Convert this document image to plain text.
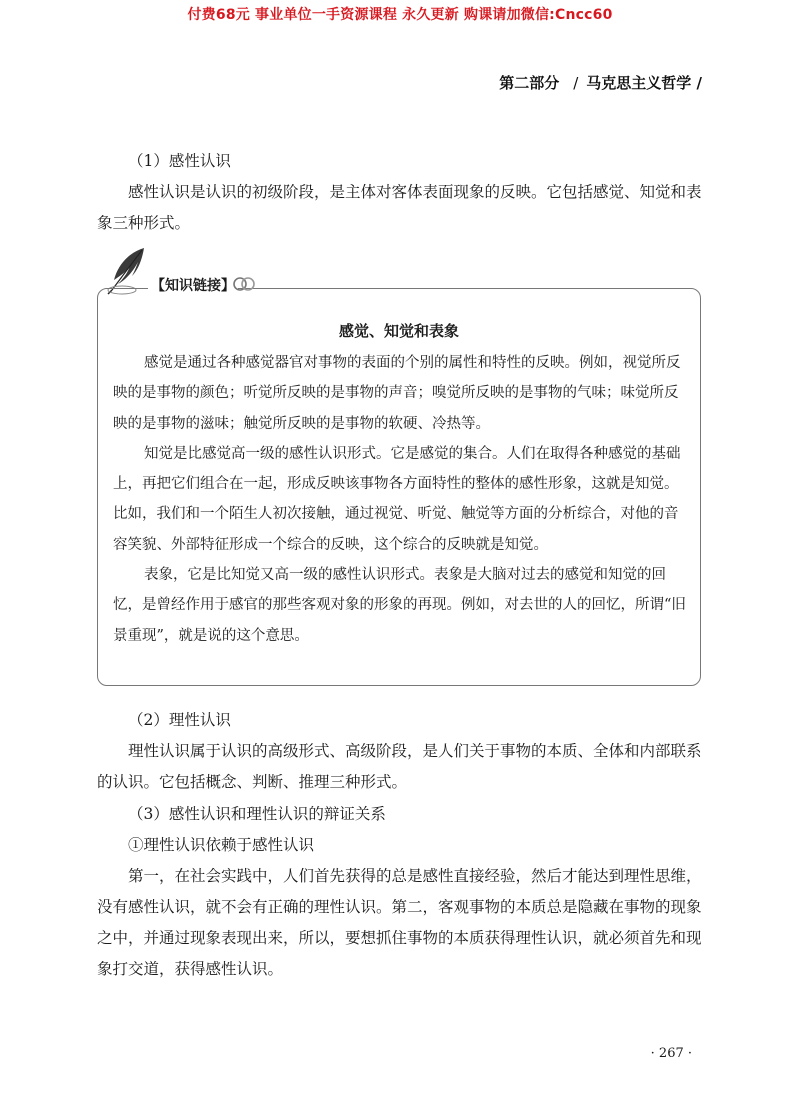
付费68元 事业单位一手资源课程 永久更新 购课请加微信:Cncc60
第二部分 / 马克思主义哲学 /

（1）感性认识

感性认识是认识的初级阶段，是主体对客体表面现象的反映。它包括感觉、知觉和表象三种形式。

【知识链接】
感觉、知觉和表象

感觉是通过各种感觉器官对事物的表面的个别的属性和特性的反映。例如，视觉所反映的是事物的颜色；听觉所反映的是事物的声音；嗅觉所反映的是事物的气味；味觉所反映的是事物的滋味；触觉所反映的是事物的软硬、冷热等。

知觉是比感觉高一级的感性认识形式。它是感觉的集合。人们在取得各种感觉的基础上，再把它们组合在一起，形成反映该事物各方面特性的整体的感性形象，这就是知觉。比如，我们和一个陌生人初次接触，通过视觉、听觉、触觉等方面的分析综合，对他的音容笑貌、外部特征形成一个综合的反映，这个综合的反映就是知觉。

表象，它是比知觉又高一级的感性认识形式。表象是大脑对过去的感觉和知觉的回忆，是曾经作用于感官的那些客观对象的形象的再现。例如，对去世的人的回忆，所谓“旧景重现”，就是说的这个意思。

（2）理性认识

理性认识属于认识的高级形式、高级阶段，是人们关于事物的本质、全体和内部联系的认识。它包括概念、判断、推理三种形式。

（3）感性认识和理性认识的辩证关系

①理性认识依赖于感性认识

第一，在社会实践中，人们首先获得的总是感性直接经验，然后才能达到理性思维，没有感性认识，就不会有正确的理性认识。第二，客观事物的本质总是隐藏在事物的现象之中，并通过现象表现出来，所以，要想抓住事物的本质获得理性认识，就必须首先和现象打交道，获得感性认识。

· 267 ·
